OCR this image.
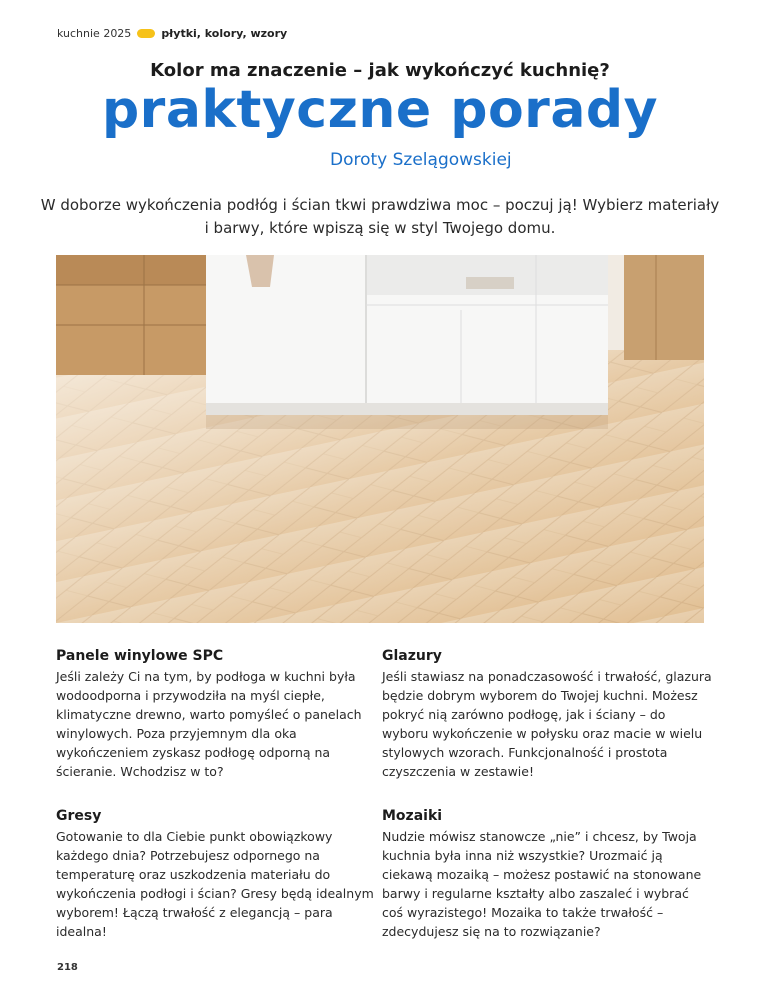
kuchnie 2025	płytki, kolory, wzory
Kolor ma znaczenie – jak wykończyć kuchnię?
praktyczne porady
Doroty Szelągowskiej
W doborze wykończenia podłóg i ścian tkwi prawdziwa moc – poczuj ją! Wybierz materiały i barwy, które wpiszą się w styl Twojego domu.
Panele winylowe SPC

Jeśli zależy Ci na tym, by podłoga w kuchni była wodoodporna i przywodziła na myśl ciepłe, klimatyczne drewno, warto pomyśleć o panelach winylowych. Poza przyjemnym dla oka wykończeniem zyskasz podłogę odporną na ścieranie. Wchodzisz w to?

Glazury

Jeśli stawiasz na ponadczasowość i trwałość, glazura będzie dobrym wyborem do Twojej kuchni. Możesz pokryć nią zarówno podłogę, jak i ściany – do wyboru wykończenie w połysku oraz macie w wielu stylowych wzorach. Funkcjonalność i prostota czyszczenia w zestawie!

Gresy

Gotowanie to dla Ciebie punkt obowiązkowy każdego dnia? Potrzebujesz odpornego na temperaturę oraz uszkodzenia materiału do wykończenia podłogi i ścian? Gresy będą idealnym wyborem! Łączą trwałość z elegancją – para idealna!

Mozaiki

Nudzie mówisz stanowcze „nie” i chcesz, by Twoja kuchnia była inna niż wszystkie? Urozmaić ją ciekawą mozaiką – możesz postawić na stonowane barwy i regularne kształty albo zaszaleć i wybrać coś wyrazistego! Mozaika to także trwałość – zdecydujesz się na to rozwiązanie?

218
